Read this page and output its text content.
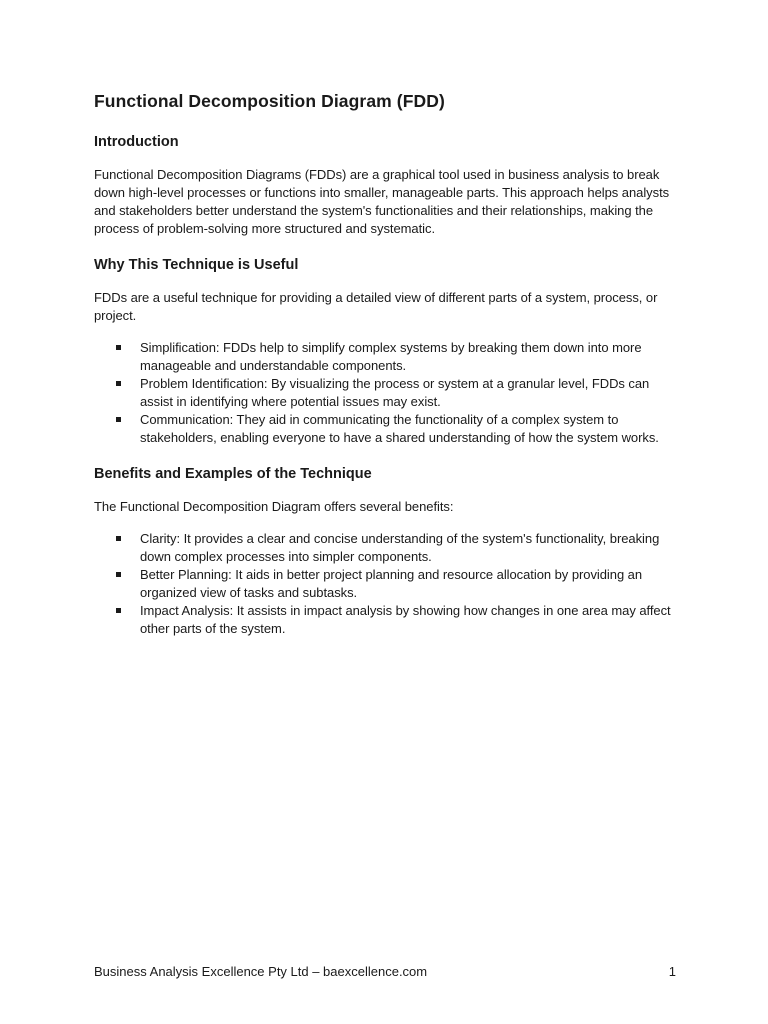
Functional Decomposition Diagram (FDD)
Introduction

Functional Decomposition Diagrams (FDDs) are a graphical tool used in business analysis to break down high-level processes or functions into smaller, manageable parts. This approach helps analysts and stakeholders better understand the system's functionalities and their relationships, making the process of problem-solving more structured and systematic.

Why This Technique is Useful

FDDs are a useful technique for providing a detailed view of different parts of a system, process, or project.

Simplification: FDDs help to simplify complex systems by breaking them down into more manageable and understandable components.
Problem Identification: By visualizing the process or system at a granular level, FDDs can assist in identifying where potential issues may exist.
Communication: They aid in communicating the functionality of a complex system to stakeholders, enabling everyone to have a shared understanding of how the system works.
Benefits and Examples of the Technique

The Functional Decomposition Diagram offers several benefits:

Clarity: It provides a clear and concise understanding of the system's functionality, breaking down complex processes into simpler components.
Better Planning: It aids in better project planning and resource allocation by providing an organized view of tasks and subtasks.
Impact Analysis: It assists in impact analysis by showing how changes in one area may affect other parts of the system.
Business Analysis Excellence Pty Ltd – baexcellence.com	1
